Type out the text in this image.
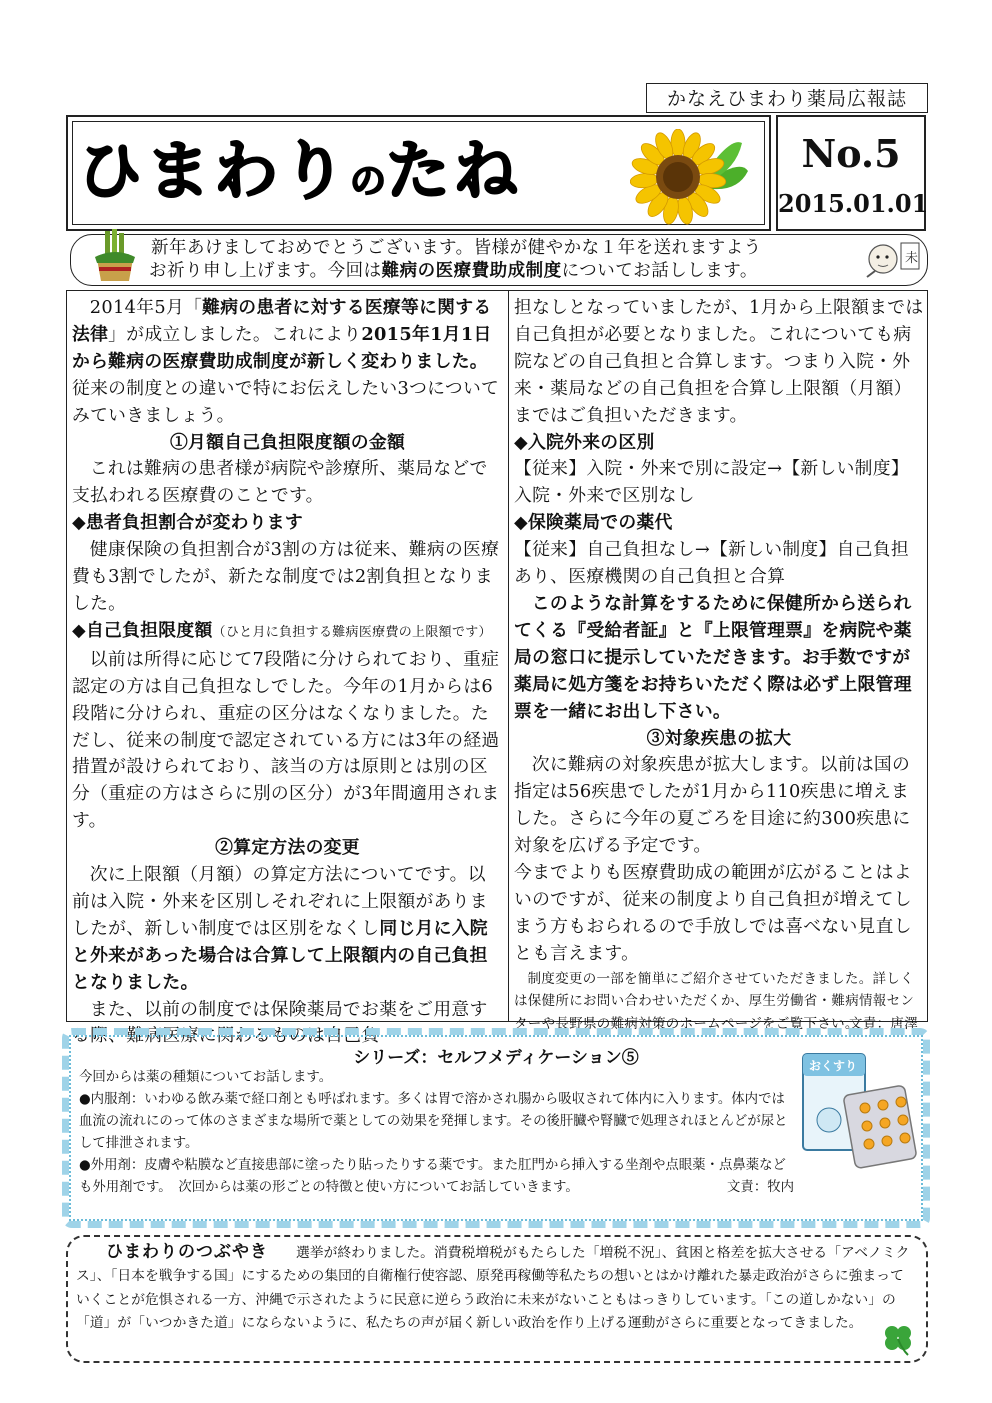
かなえひまわり薬局広報誌
ひまわりのたね	No.5
2015.01.01

新年あけましておめでとうございます。皆様が健やかな１年を送れますよう

お祈り申し上げます。今回は難病の医療費助成制度についてお話しします。

未

2014年5月「難病の患者に対する医療等に関する法律」が成立しました。これにより2015年1月1日から難病の医療費助成制度が新しく変わりました。従来の制度との違いで特にお伝えしたい3つについてみていきましょう。

①月額自己負担限度額の金額

これは難病の患者様が病院や診療所、薬局などで支払われる医療費のことです。

◆患者負担割合が変わります

健康保険の負担割合が3割の方は従来、難病の医療費も3割でしたが、新たな制度では2割負担となりました。

◆自己負担限度額（ひと月に負担する難病医療費の上限額です）

以前は所得に応じて7段階に分けられており、重症認定の方は自己負担なしでした。今年の1月からは6段階に分けられ、重症の区分はなくなりました。ただし、従来の制度で認定されている方には3年の経過措置が設けられており、該当の方は原則とは別の区分（重症の方はさらに別の区分）が3年間適用されます。

②算定方法の変更

次に上限額（月額）の算定方法についてです。以前は入院・外来を区別しそれぞれに上限額がありましたが、新しい制度では区別をなくし同じ月に入院と外来があった場合は合算して上限額内の自己負担となりました。

また、以前の制度では保険薬局でお薬をご用意する際、難病医療に関わるものは自己負

担なしとなっていましたが、1月から上限額までは自己負担が必要となりました。これについても病院などの自己負担と合算します。つまり入院・外来・薬局などの自己負担を合算し上限額（月額）まではご負担いただきます。

◆入院外来の区別

【従来】入院・外来で別に設定→【新しい制度】入院・外来で区別なし

◆保険薬局での薬代

【従来】自己負担なし→【新しい制度】自己負担あり、医療機関の自己負担と合算

このような計算をするために保健所から送られてくる『受給者証』と『上限管理票』を病院や薬局の窓口に提示していただきます。お手数ですが薬局に処方箋をお持ちいただく際は必ず上限管理票を一緒にお出し下さい。

③対象疾患の拡大

次に難病の対象疾患が拡大します。以前は国の指定は56疾患でしたが1月から110疾患に増えました。さらに今年の夏ごろを目途に約300疾患に対象を広げる予定です。

今までよりも医療費助成の範囲が広がることはよいのですが、従来の制度より自己負担が増えてしまう方もおられるので手放しでは喜べない見直しとも言えます。

制度変更の一部を簡単にご紹介させていただきました。詳しくは保健所にお問い合わせいただくか、厚生労働省・難病情報センターや長野県の難病対策のホームページをご覧下さい。

文責：唐澤

シリーズ：セルフメディケーション⑤

今回からは薬の種類についてお話します。

●内服剤：いわゆる飲み薬で経口剤とも呼ばれます。多くは胃で溶かされ腸から吸収されて体内に入ります。体内では血流の流れにのって体のさまざまな場所で薬としての効果を発揮します。その後肝臓や腎臓で処理されほとんどが尿として排泄されます。

●外用剤：皮膚や粘膜など直接患部に塗ったり貼ったりする薬です。また肛門から挿入する坐剤や点眼薬・点鼻薬なども外用剤です。　次回からは薬の形ごとの特徴と使い方についてお話していきます。	文責：牧内

おくすり

ひまわりのつぶやき 選挙が終わりました。消費税増税がもたらした「増税不況」、貧困と格差を拡大させる「アベノミクス」、「日本を戦争する国」にするための集団的自衛権行使容認、原発再稼働等私たちの想いとはかけ離れた暴走政治がさらに強まっていくことが危惧される一方、沖縄で示されたように民意に逆らう政治に未来がないこともはっきりしています。「この道しかない」の「道」が「いつかきた道」にならないように、私たちの声が届く新しい政治を作り上げる運動がさらに重要となってきました。
